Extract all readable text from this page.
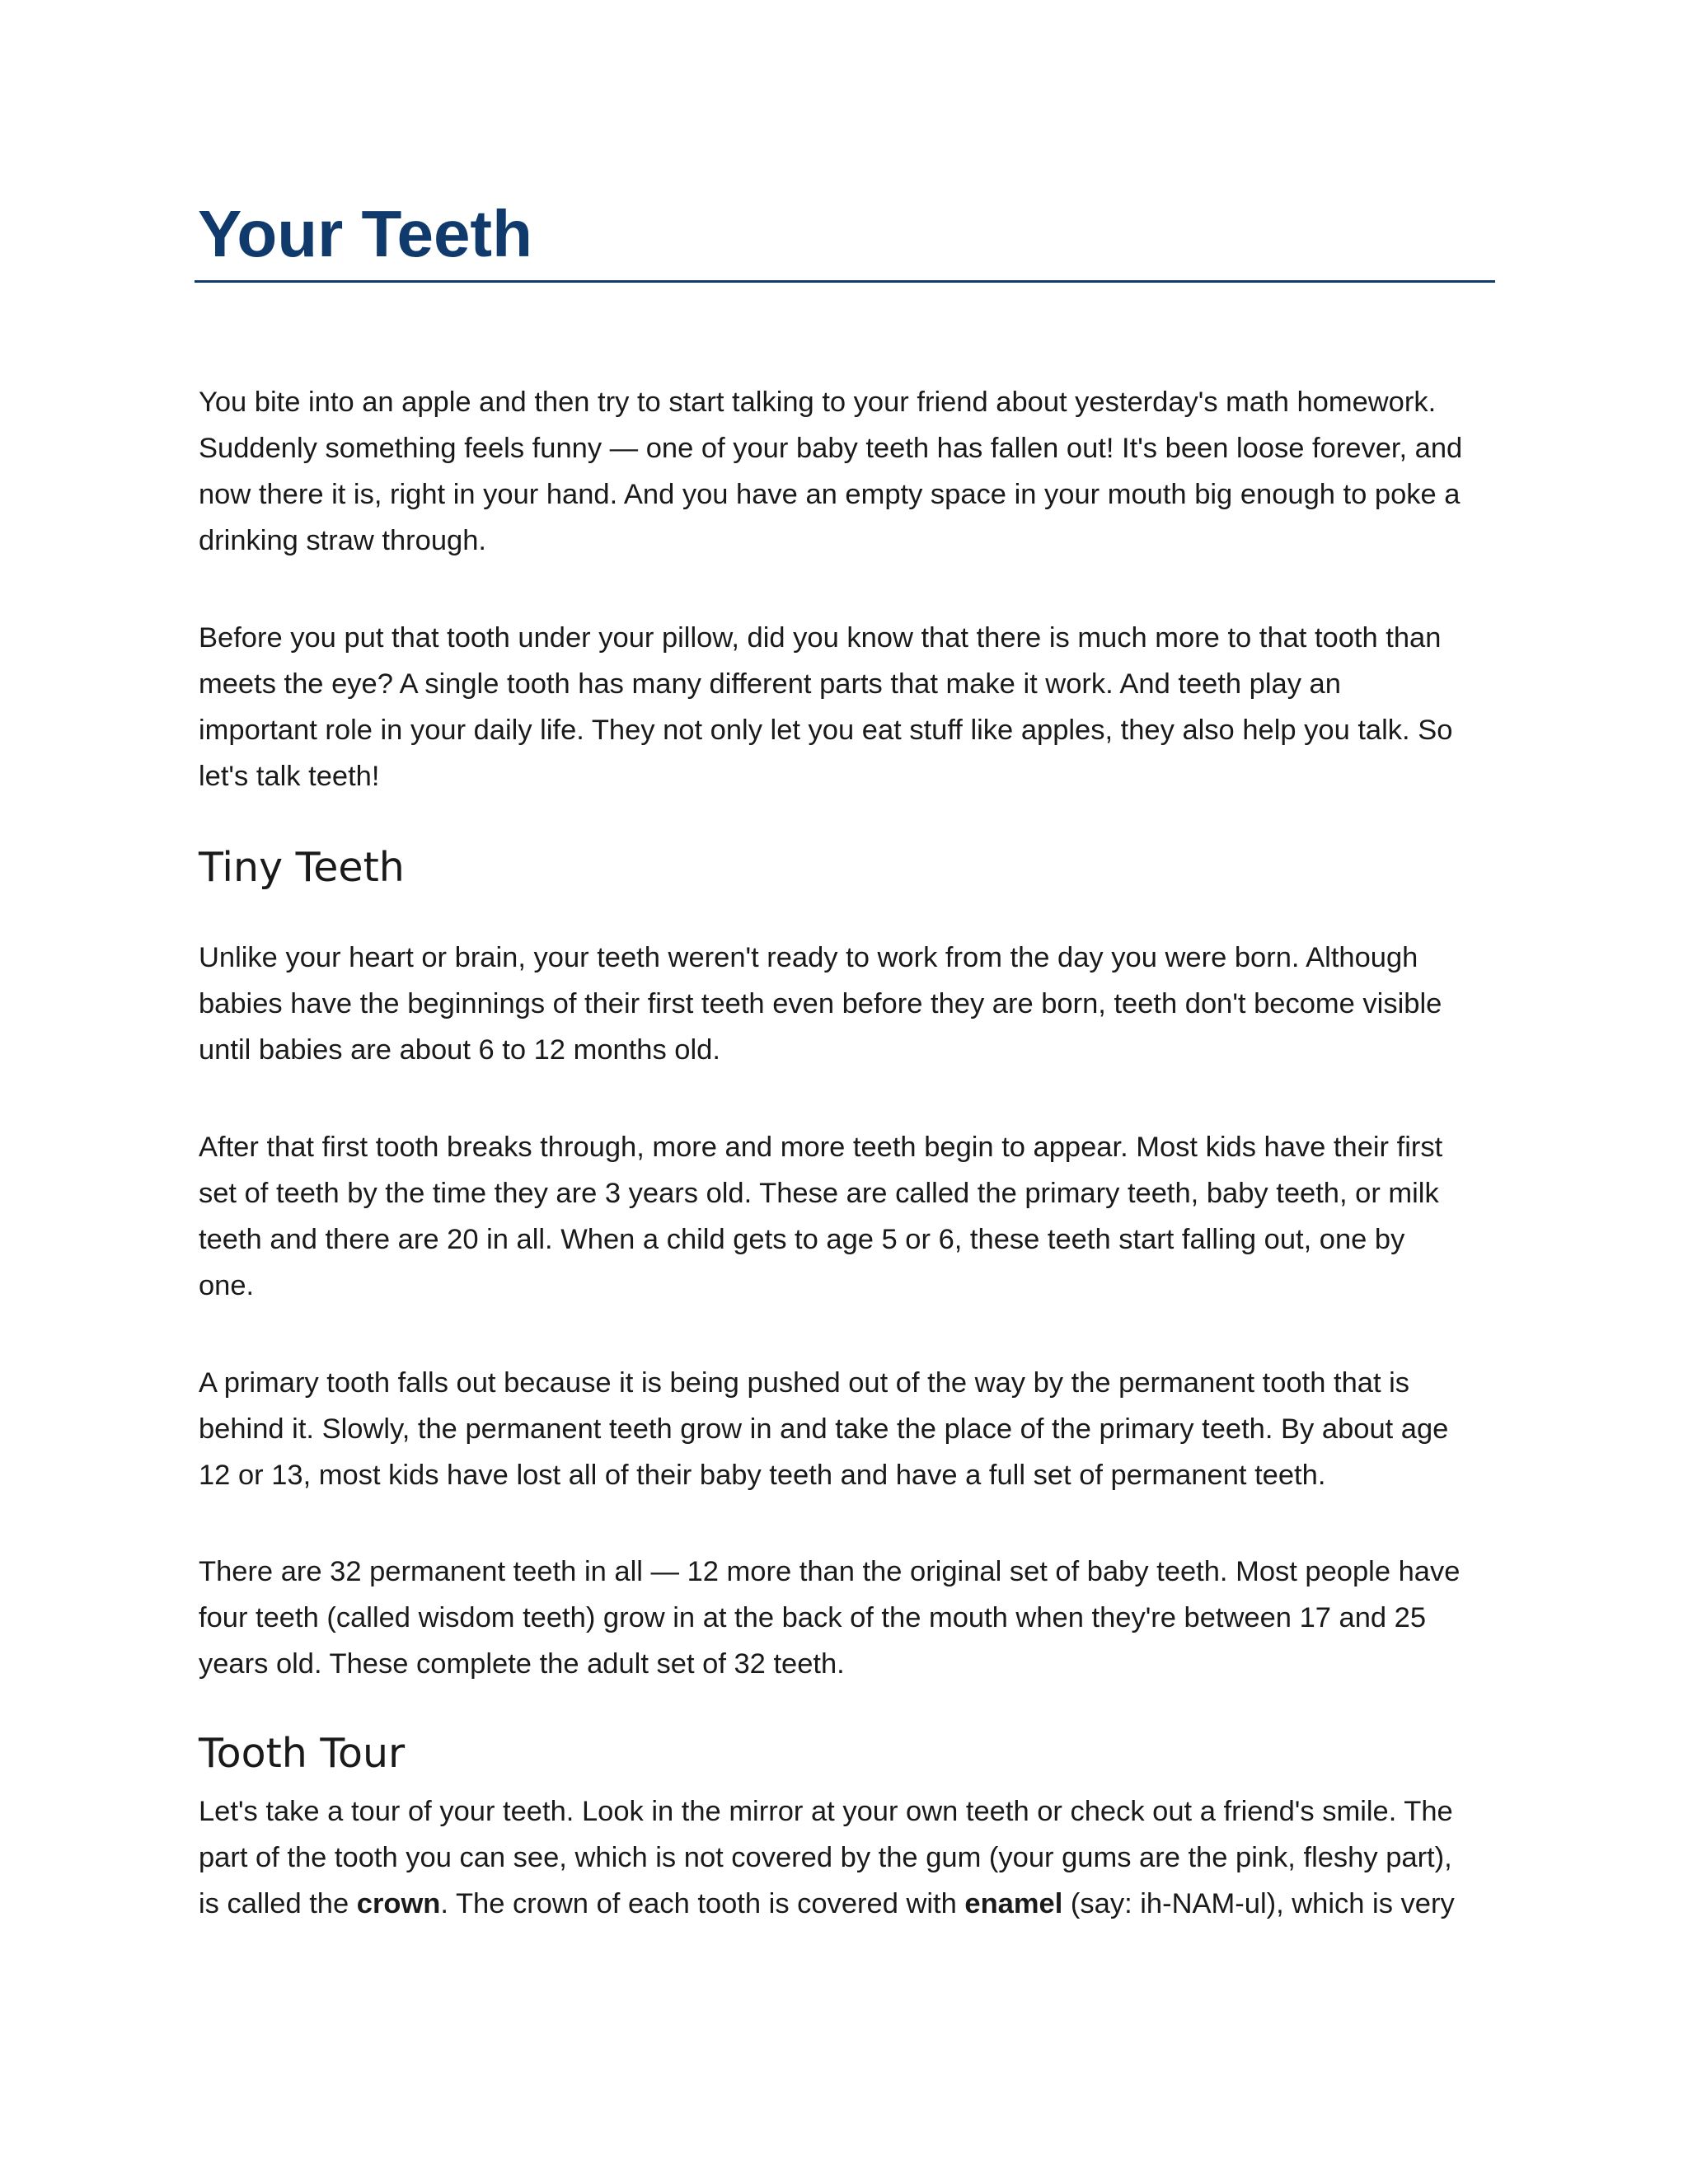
Your Teeth

You bite into an apple and then try to start talking to your friend about yesterday's math homework.
Suddenly something feels funny — one of your baby teeth has fallen out! It's been loose forever, and
now there it is, right in your hand. And you have an empty space in your mouth big enough to poke a
drinking straw through.

Before you put that tooth under your pillow, did you know that there is much more to that tooth than
meets the eye? A single tooth has many different parts that make it work. And teeth play an
important role in your daily life. They not only let you eat stuff like apples, they also help you talk. So
let's talk teeth!

Tiny Teeth

Unlike your heart or brain, your teeth weren't ready to work from the day you were born. Although
babies have the beginnings of their first teeth even before they are born, teeth don't become visible
until babies are about 6 to 12 months old.

After that first tooth breaks through, more and more teeth begin to appear. Most kids have their first
set of teeth by the time they are 3 years old. These are called the primary teeth, baby teeth, or milk
teeth and there are 20 in all. When a child gets to age 5 or 6, these teeth start falling out, one by
one.

A primary tooth falls out because it is being pushed out of the way by the permanent tooth that is
behind it. Slowly, the permanent teeth grow in and take the place of the primary teeth. By about age
12 or 13, most kids have lost all of their baby teeth and have a full set of permanent teeth.

There are 32 permanent teeth in all — 12 more than the original set of baby teeth. Most people have
four teeth (called wisdom teeth) grow in at the back of the mouth when they're between 17 and 25
years old. These complete the adult set of 32 teeth.

Tooth Tour

Let's take a tour of your teeth. Look in the mirror at your own teeth or check out a friend's smile. The
part of the tooth you can see, which is not covered by the gum (your gums are the pink, fleshy part),
is called the crown. The crown of each tooth is covered with enamel (say: ih-NAM-ul), which is very
